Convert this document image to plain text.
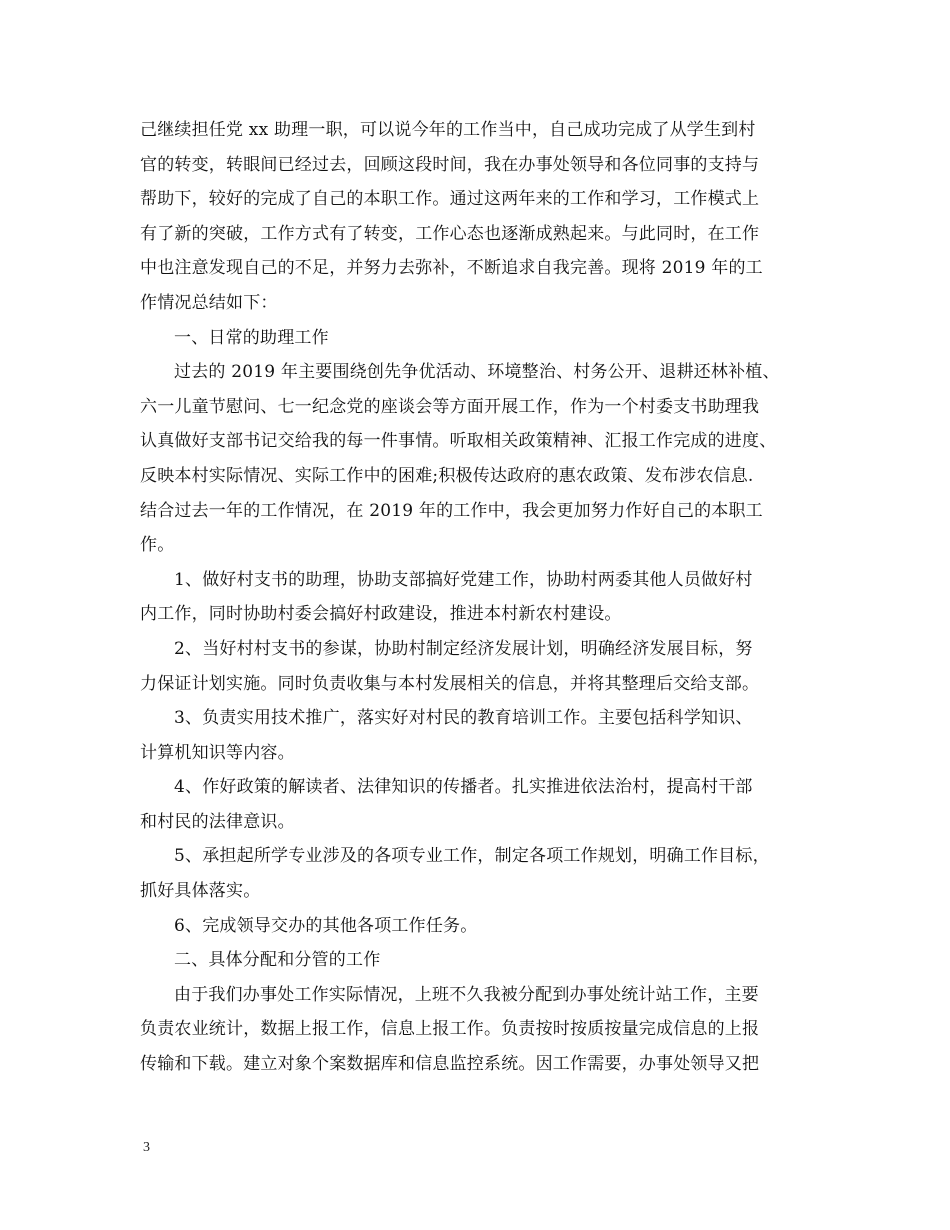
己继续担任党 xx 助理一职，可以说今年的工作当中，自己成功完成了从学生到村
官的转变，转眼间已经过去，回顾这段时间，我在办事处领导和各位同事的支持与
帮助下，较好的完成了自己的本职工作。通过这两年来的工作和学习，工作模式上
有了新的突破，工作方式有了转变，工作心态也逐渐成熟起来。与此同时，在工作
中也注意发现自己的不足，并努力去弥补，不断追求自我完善。现将 2019 年的工
作情况总结如下：
一、日常的助理工作
过去的 2019 年主要围绕创先争优活动、环境整治、村务公开、退耕还林补植、
六一儿童节慰问、七一纪念党的座谈会等方面开展工作，作为一个村委支书助理我
认真做好支部书记交给我的每一件事情。听取相关政策精神、汇报工作完成的进度、
反映本村实际情况、实际工作中的困难;积极传达政府的惠农政策、发布涉农信息.
结合过去一年的工作情况，在 2019 年的工作中，我会更加努力作好自己的本职工
作。
1、做好村支书的助理，协助支部搞好党建工作，协助村两委其他人员做好村
内工作，同时协助村委会搞好村政建设，推进本村新农村建设。
2、当好村村支书的参谋，协助村制定经济发展计划，明确经济发展目标，努
力保证计划实施。同时负责收集与本村发展相关的信息，并将其整理后交给支部。
3、负责实用技术推广，落实好对村民的教育培训工作。主要包括科学知识、
计算机知识等内容。
4、作好政策的解读者、法律知识的传播者。扎实推进依法治村，提高村干部
和村民的法律意识。
5、承担起所学专业涉及的各项专业工作，制定各项工作规划，明确工作目标，
抓好具体落实。
6、完成领导交办的其他各项工作任务。
二、具体分配和分管的工作
由于我们办事处工作实际情况，上班不久我被分配到办事处统计站工作，主要
负责农业统计，数据上报工作，信息上报工作。负责按时按质按量完成信息的上报
传输和下载。建立对象个案数据库和信息监控系统。因工作需要，办事处领导又把
3
